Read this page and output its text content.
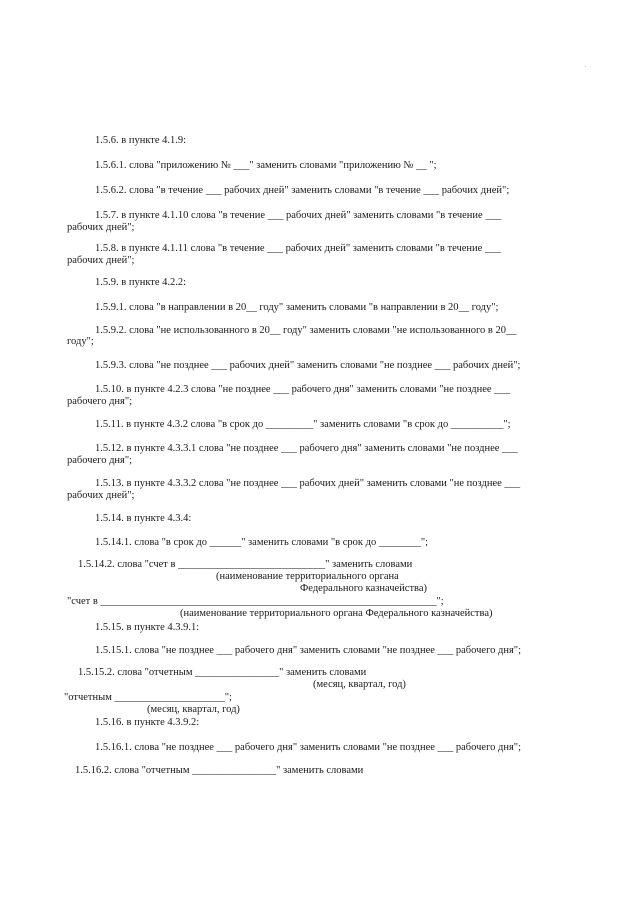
1.5.6. в пункте 4.1.9:
1.5.6.1. слова "приложению № ___" заменить словами "приложению № __ ";
1.5.6.2. слова "в течение ___ рабочих дней" заменить словами "в течение ___ рабочих дней";
1.5.7. в пункте 4.1.10 слова "в течение ___ рабочих дней" заменить словами "в течение ___
рабочих дней";
1.5.8. в пункте 4.1.11 слова "в течение ___ рабочих дней" заменить словами "в течение ___
рабочих дней";
1.5.9. в пункте 4.2.2:
1.5.9.1. слова "в направлении в 20__ году" заменить словами "в направлении в 20__ году";
1.5.9.2. слова "не использованного в 20__ году" заменить словами "не использованного в 20__
году";
1.5.9.3. слова "не позднее ___ рабочих дней" заменить словами "не позднее ___ рабочих дней";
1.5.10. в пункте 4.2.3 слова "не позднее ___ рабочего дня" заменить словами "не позднее ___
рабочего дня";
1.5.11. в пункте 4.3.2 слова "в срок до _________" заменить словами "в срок до __________";
1.5.12. в пункте 4.3.3.1 слова "не позднее ___ рабочего дня" заменить словами "не позднее ___
рабочего дня";
1.5.13. в пункте 4.3.3.2 слова "не позднее ___ рабочих дней" заменить словами "не позднее ___
рабочих дней";
1.5.14. в пункте 4.3.4:
1.5.14.1. слова "в срок до ______" заменить словами "в срок до ________";
1.5.14.2. слова "счет в ____________________________" заменить словами
(наименование территориального органа
Федерального казначейства)
"счет в ________________________________________________________________";
(наименование территориального органа Федерального казначейства)
1.5.15. в пункте 4.3.9.1:
1.5.15.1. слова "не позднее ___ рабочего дня" заменить словами "не позднее ___ рабочего дня";
1.5.15.2. слова "отчетным ________________" заменить словами
(месяц, квартал, год)
"отчетным _____________________";
(месяц, квартал, год)
1.5.16. в пункте 4.3.9.2:
1.5.16.1. слова "не позднее ___ рабочего дня" заменить словами "не позднее ___ рабочего дня";
1.5.16.2. слова "отчетным ________________" заменить словами
